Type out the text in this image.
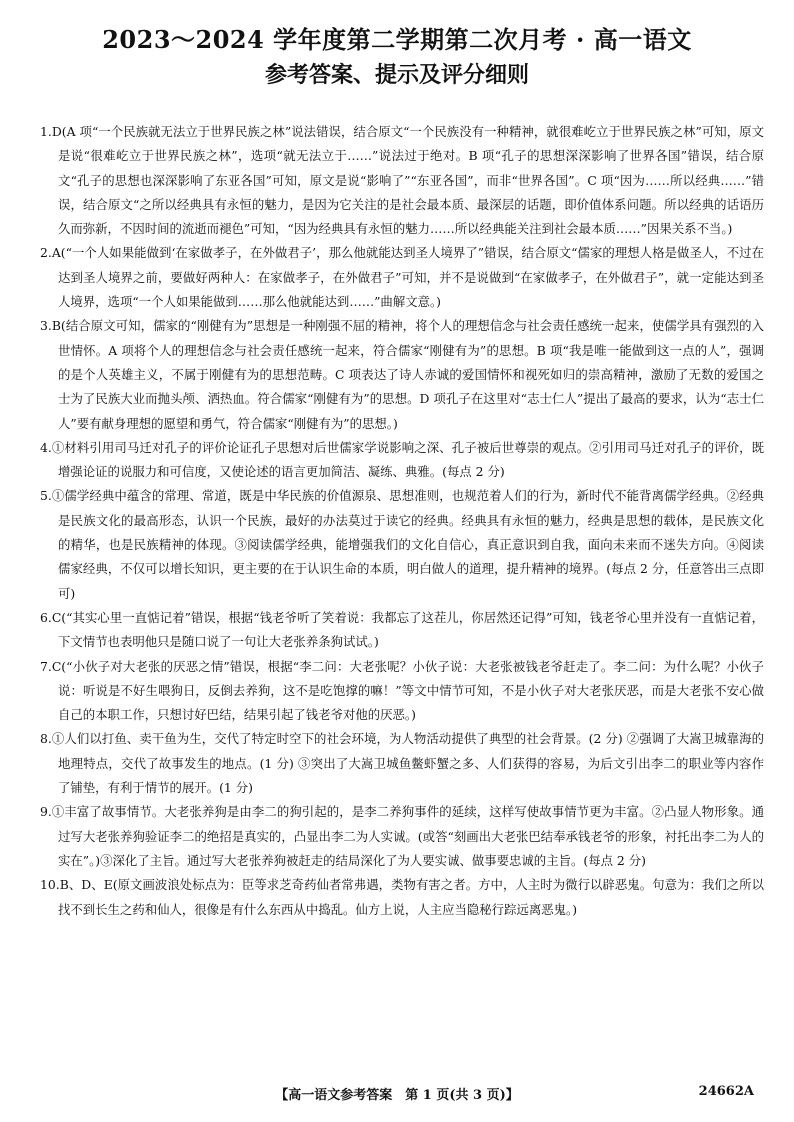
2023～2024 学年度第二学期第二次月考 · 高一语文
参考答案、提示及评分细则

1.D(A 项“一个民族就无法立于世界民族之林”说法错误，结合原文“一个民族没有一种精神，就很难屹立于世界民族之林”可知，原文是说“很难屹立于世界民族之林”，选项“就无法立于……”说法过于绝对。B 项“孔子的思想深深影响了世界各国”错误，结合原文“孔子的思想也深深影响了东亚各国”可知，原文是说“影响了”“东亚各国”，而非“世界各国”。C 项“因为……所以经典……”错误，结合原文“之所以经典具有永恒的魅力，是因为它关注的是社会最本质、最深层的话题，即价值体系问题。所以经典的话语历久而弥新，不因时间的流逝而褪色”可知，“因为经典具有永恒的魅力……所以经典能关注到社会最本质……”因果关系不当。)

2.A(“一个人如果能做到‘在家做孝子，在外做君子’，那么他就能达到圣人境界了”错误，结合原文“儒家的理想人格是做圣人，不过在达到圣人境界之前，要做好两种人：在家做孝子，在外做君子”可知，并不是说做到“在家做孝子，在外做君子”，就一定能达到圣人境界，选项“一个人如果能做到……那么他就能达到……”曲解文意。)

3.B(结合原文可知，儒家的“刚健有为”思想是一种刚强不屈的精神，将个人的理想信念与社会责任感统一起来，使儒学具有强烈的入世情怀。A 项将个人的理想信念与社会责任感统一起来，符合儒家“刚健有为”的思想。B 项“我是唯一能做到这一点的人”，强调的是个人英雄主义，不属于刚健有为的思想范畴。C 项表达了诗人赤诚的爱国情怀和视死如归的崇高精神，激励了无数的爱国之士为了民族大业而抛头颅、洒热血。符合儒家“刚健有为”的思想。D 项孔子在这里对“志士仁人”提出了最高的要求，认为“志士仁人”要有献身理想的愿望和勇气，符合儒家“刚健有为”的思想。)

4.①材料引用司马迁对孔子的评价论证孔子思想对后世儒家学说影响之深、孔子被后世尊崇的观点。②引用司马迁对孔子的评价，既增强论证的说服力和可信度，又使论述的语言更加简洁、凝练、典雅。(每点 2 分)

5.①儒学经典中蕴含的常理、常道，既是中华民族的价值源泉、思想准则，也规范着人们的行为，新时代不能背离儒学经典。②经典是民族文化的最高形态，认识一个民族，最好的办法莫过于读它的经典。经典具有永恒的魅力，经典是思想的载体，是民族文化的精华，也是民族精神的体现。③阅读儒学经典，能增强我们的文化自信心，真正意识到自我，面向未来而不迷失方向。④阅读儒家经典，不仅可以增长知识，更主要的在于认识生命的本质，明白做人的道理，提升精神的境界。(每点 2 分，任意答出三点即可)

6.C(“其实心里一直惦记着”错误，根据“钱老爷听了笑着说：我都忘了这茬儿，你居然还记得”可知，钱老爷心里并没有一直惦记着，下文情节也表明他只是随口说了一句让大老张养条狗试试。)

7.C(“小伙子对大老张的厌恶之情”错误，根据“李二问：大老张呢？小伙子说：大老张被钱老爷赶走了。李二问：为什么呢？小伙子说：听说是不好生喂狗日，反倒去养狗，这不是吃饱撑的嘛！”等文中情节可知，不是小伙子对大老张厌恶，而是大老张不安心做自己的本职工作，只想讨好巴结，结果引起了钱老爷对他的厌恶。)

8.①人们以打鱼、卖干鱼为生，交代了特定时空下的社会环境，为人物活动提供了典型的社会背景。(2 分) ②强调了大嵩卫城靠海的地理特点，交代了故事发生的地点。(1 分) ③突出了大嵩卫城鱼鳖虾蟹之多、人们获得的容易，为后文引出李二的职业等内容作了铺垫，有利于情节的展开。(1 分)

9.①丰富了故事情节。大老张养狗是由李二的狗引起的，是李二养狗事件的延续，这样写使故事情节更为丰富。②凸显人物形象。通过写大老张养狗验证李二的绝招是真实的，凸显出李二为人实诚。(或答“刻画出大老张巴结奉承钱老爷的形象，衬托出李二为人的实在”。)③深化了主旨。通过写大老张养狗被赶走的结局深化了为人要实诚、做事要忠诚的主旨。(每点 2 分)

10.B、D、E(原文画波浪处标点为：臣等求芝奇药仙者常弗遇，类物有害之者。方中，人主时为微行以辟恶鬼。句意为：我们之所以找不到长生之药和仙人，很像是有什么东西从中捣乱。仙方上说，人主应当隐秘行踪远离恶鬼。)

【高一语文参考答案　第 1 页(共 3 页)】	24662A
